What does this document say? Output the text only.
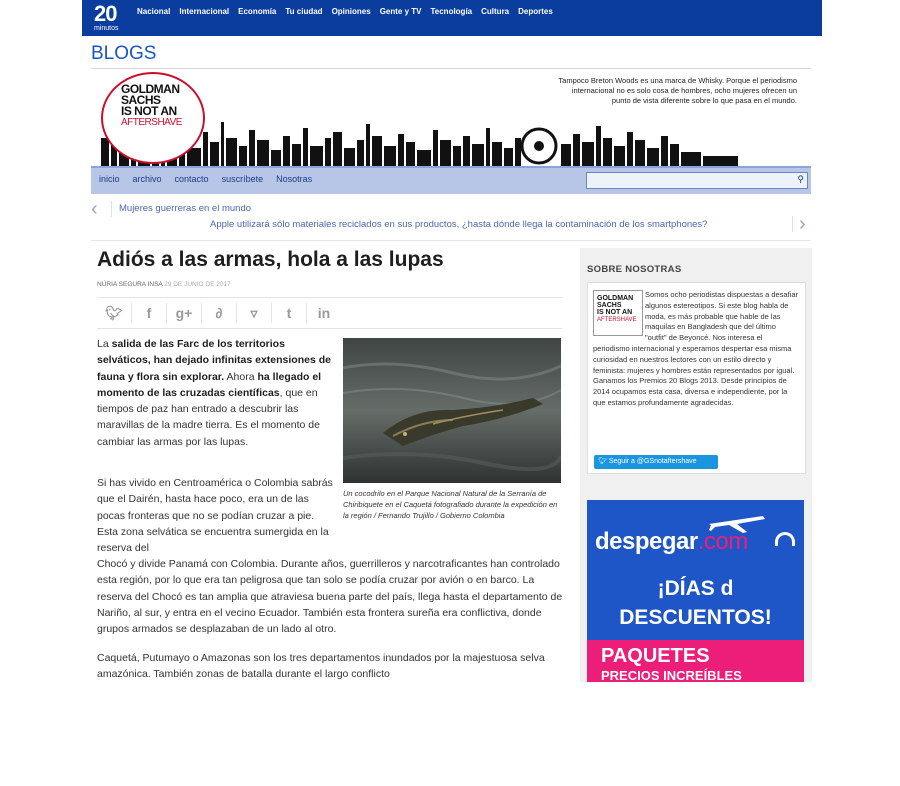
20
minutos
Nacional Internacional Economía Tu ciudad Opiniones Gente y TV Tecnología Cultura Deportes
BLOGS
GOLDMAN
SACHS
IS NOT AN
AFTERSHAVE
Tampoco Breton Woods es una marca de Whisky. Porque el periodismo internacional no es solo cosa de hombres, ocho mujeres ofrecen un punto de vista diferente sobre lo que pasa en el mundo.
inicio archivo contacto suscríbete Nosotras	⚲
‹ Mujeres guerreras en el mundo
Apple utilizará sólo materiales reciclados en sus productos, ¿hasta dónde llega la contaminación de los smartphones?	›
Adiós a las armas, hola a las lupas
NÚRIA SEGURA INSA 29 DE JUNIO DE 2017
🐦︎	f	g+	∂	▿	t	in
La salida de las Farc de los territorios selváticos, han dejado infinitas extensiones de fauna y flora sin explorar. Ahora ha llegado el momento de las cruzadas científicas, que en tiempos de paz han entrado a descubrir las maravillas de la madre tierra. Es el momento de cambiar las armas por las lupas.
Un cocodrilo en el Parque Nacional Natural de la Serranía de Chiribiquete en el Caquetá fotografiado durante la expedición en la región / Fernando Trujillo / Gobierno Colombia
Si has vivido en Centroamérica o Colombia sabrás que el Dairén, hasta hace poco, era un de las pocas fronteras que no se podían cruzar a pie. Esta zona selvática se encuentra sumergida en la reserva del
Chocó y divide Panamá con Colombia. Durante años, guerrilleros y narcotraficantes han controlado esta región, por lo que era tan peligrosa que tan solo se podía cruzar por avión o en barco. La reserva del Chocó es tan amplia que atraviesa buena parte del país, llega hasta el departamento de Nariño, al sur, y entra en el vecino Ecuador. También esta frontera sureña era conflictiva, donde grupos armados se desplazaban de un lado al otro.
Caquetá, Putumayo o Amazonas son los tres departamentos inundados por la majestuosa selva amazónica. También zonas de batalla durante el largo conflicto
SOBRE NOSOTRAS
Somos ocho periodistas dispuestas a desafiar algunos estereotipos. Si este blog habla de moda, es más probable que hable de las maquilas en Bangladesh que del último "outfit" de Beyoncé. Nos interesa el periodismo internacional y esperamos despertar esa misma curiosidad en nuestros lectores con un estilo directo y feminista: mujeres y hombres están representados por igual. Ganamos los Premios 20 Blogs 2013. Desde principios de 2014 ocupamos esta casa, diversa e independiente, por la que estamos profundamente agradecidas.
GOLDMAN
SACHS
IS NOT AN
AFTERSHAVE
🐦︎ Seguir a @GSnotaftershave
despegar.com
¡DÍAS d
DESCUENTOS!
PAQUETES
PRECIOS INCREÍBLES
